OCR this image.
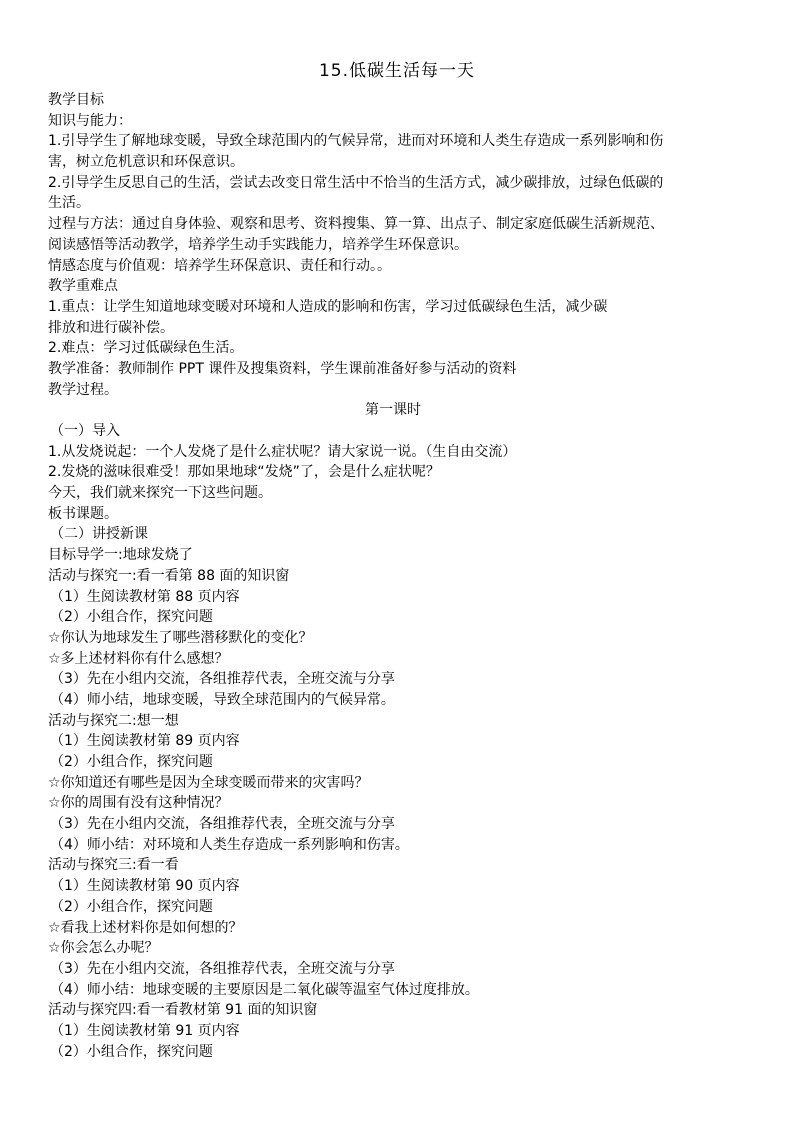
15.低碳生活每一天
教学目标
知识与能力：
1.引导学生了解地球变暖，导致全球范围内的气候异常，进而对环境和人类生存造成一系列影响和伤
害，树立危机意识和环保意识。
2.引导学生反思自己的生活，尝试去改变日常生活中不恰当的生活方式，减少碳排放，过绿色低碳的
生活。
过程与方法：通过自身体验、观察和思考、资料搜集、算一算、出点子、制定家庭低碳生活新规范、
阅读感悟等活动教学，培养学生动手实践能力，培养学生环保意识。
情感态度与价值观：培养学生环保意识、责任和行动。。
教学重难点
1.重点：让学生知道地球变暖对环境和人造成的影响和伤害，学习过低碳绿色生活，减少碳
排放和进行碳补偿。
2.难点：学习过低碳绿色生活。
教学准备：教师制作 PPT 课件及搜集资料，学生课前准备好参与活动的资料
教学过程。
第一课时
（一）导入
1.从发烧说起：一个人发烧了是什么症状呢？请大家说一说。（生自由交流）
2.发烧的滋味很难受！那如果地球“发烧”了，会是什么症状呢？
今天，我们就来探究一下这些问题。
板书课题。
（二）讲授新课
目标导学一:地球发烧了
活动与探究一:看一看第 88 面的知识窗
（1）生阅读教材第 88 页内容
（2）小组合作，探究问题
☆你认为地球发生了哪些潜移默化的变化？
☆多上述材料你有什么感想？
（3）先在小组内交流，各组推荐代表，全班交流与分享
（4）师小结，地球变暖，导致全球范围内的气候异常。
活动与探究二:想一想
（1）生阅读教材第 89 页内容
（2）小组合作，探究问题
☆你知道还有哪些是因为全球变暖而带来的灾害吗？
☆你的周围有没有这种情况？
（3）先在小组内交流，各组推荐代表，全班交流与分享
（4）师小结：对环境和人类生存造成一系列影响和伤害。
活动与探究三:看一看
（1）生阅读教材第 90 页内容
（2）小组合作，探究问题
☆看我上述材料你是如何想的？
☆你会怎么办呢？
（3）先在小组内交流，各组推荐代表，全班交流与分享
（4）师小结：地球变暖的主要原因是二氧化碳等温室气体过度排放。
活动与探究四:看一看教材第 91 面的知识窗
（1）生阅读教材第 91 页内容
（2）小组合作，探究问题
